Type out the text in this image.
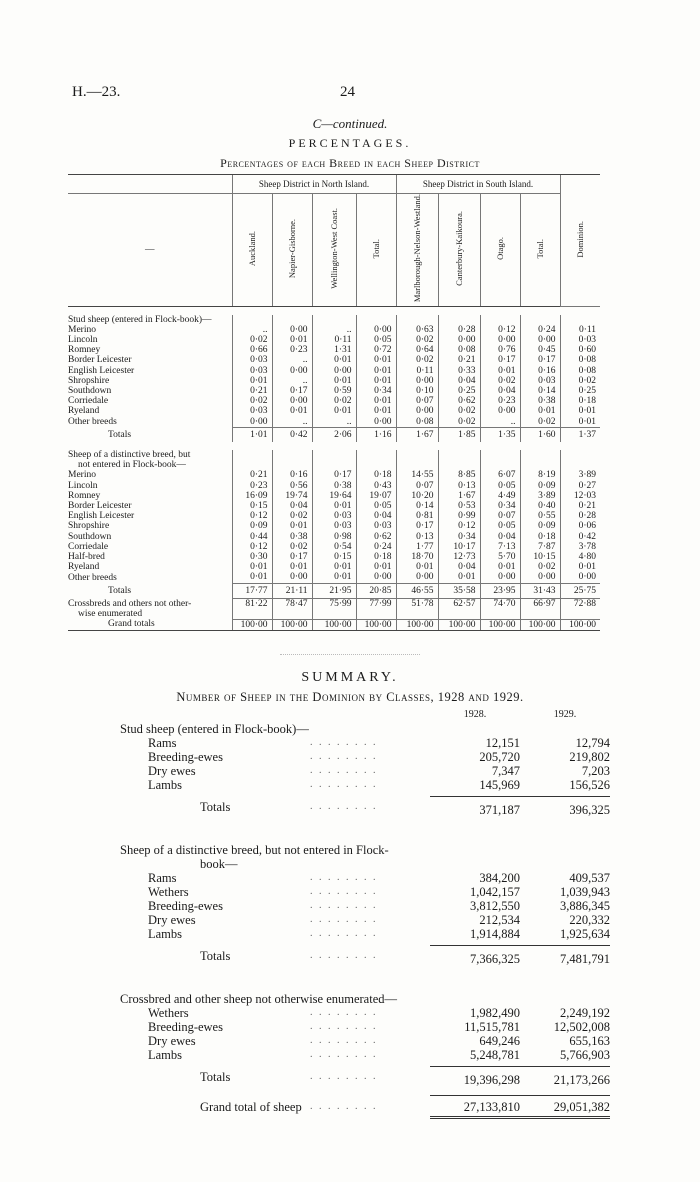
H.—23.	24
C—continued.
PERCENTAGES.
Percentages of each Breed in each Sheep District
	Sheep District in North Island.				Sheep District in South Island.				Dominion.
—	Auckland.	Napier-Gisborne.	Wellington-West Coast.	Total.	Marlborough-Nelson-Westland.	Canterbury-Kaikoura.	Otago.	Total.	

Stud sheep (entered in Flock-book)—									
Merino	..	0·00	..	0·00	0·63	0·28	0·12	0·24	0·11
Lincoln	0·02	0·01	0·11	0·05	0·02	0·00	0·00	0·00	0·03
Romney	0·66	0·23	1·31	0·72	0·64	0·08	0·76	0·45	0·60
Border Leicester	0·03	..	0·01	0·01	0·02	0·21	0·17	0·17	0·08
English Leicester	0·03	0·00	0·00	0·01	0·11	0·33	0·01	0·16	0·08
Shropshire	0·01	..	0·01	0·01	0·00	0·04	0·02	0·03	0·02
Southdown	0·21	0·17	0·59	0·34	0·10	0·25	0·04	0·14	0·25
Corriedale	0·02	0·00	0·02	0·01	0·07	0·62	0·23	0·38	0·18
Ryeland	0·03	0·01	0·01	0·01	0·00	0·02	0·00	0·01	0·01
Other breeds	0·00	..	..	0·00	0·08	0·02	..	0·02	0·01
Totals	1·01	0·42	2·06	1·16	1·67	1·85	1·35	1·60	1·37

Sheep of a distinctive breed, but									
not entered in Flock-book—									
Merino	0·21	0·16	0·17	0·18	14·55	8·85	6·07	8·19	3·89
Lincoln	0·23	0·56	0·38	0·43	0·07	0·13	0·05	0·09	0·27
Romney	16·09	19·74	19·64	19·07	10·20	1·67	4·49	3·89	12·03
Border Leicester	0·15	0·04	0·01	0·05	0·14	0·53	0·34	0·40	0·21
English Leicester	0·12	0·02	0·03	0·04	0·81	0·99	0·07	0·55	0·28
Shropshire	0·09	0·01	0·03	0·03	0·17	0·12	0·05	0·09	0·06
Southdown	0·44	0·38	0·98	0·62	0·13	0·34	0·04	0·18	0·42
Corriedale	0·12	0·02	0·54	0·24	1·77	10·17	7·13	7·87	3·78
Half-bred	0·30	0·17	0·15	0·18	18·70	12·73	5·70	10·15	4·80
Ryeland	0·01	0·01	0·01	0·01	0·01	0·04	0·01	0·02	0·01
Other breeds	0·01	0·00	0·01	0·00	0·00	0·01	0·00	0·00	0·00
Totals	17·77	21·11	21·95	20·85	46·55	35·58	23·95	31·43	25·75
Crossbreds and others not other-	81·22	78·47	75·99	77·99	51·78	62·57	74·70	66·97	72·88
wise enumerated									
Grand totals	100·00	100·00	100·00	100·00	100·00	100·00	100·00	100·00	100·00
SUMMARY.
Number of Sheep in the Dominion by Classes, 1928 and 1929.
		1928.	1929.
Stud sheep (entered in Flock-book)—			
Rams	. . . . . . . .	12,151	12,794
Breeding-ewes	. . . . . . . .	205,720	219,802
Dry ewes	. . . . . . . .	7,347	7,203
Lambs	. . . . . . . .	145,969	156,526

Totals	. . . . . . . .	371,187	396,325

Sheep of a distinctive breed, but not entered in Flock-			
book—			
Rams	. . . . . . . .	384,200	409,537
Wethers	. . . . . . . .	1,042,157	1,039,943
Breeding-ewes	. . . . . . . .	3,812,550	3,886,345
Dry ewes	. . . . . . . .	212,534	220,332
Lambs	. . . . . . . .	1,914,884	1,925,634

Totals	. . . . . . . .	7,366,325	7,481,791

Crossbred and other sheep not otherwise enumerated—			
Wethers	. . . . . . . .	1,982,490	2,249,192
Breeding-ewes	. . . . . . . .	11,515,781	12,502,008
Dry ewes	. . . . . . . .	649,246	655,163
Lambs	. . . . . . . .	5,248,781	5,766,903

Totals	. . . . . . . .	19,396,298	21,173,266

Grand total of sheep	. . . . . . . .	27,133,810	29,051,382
